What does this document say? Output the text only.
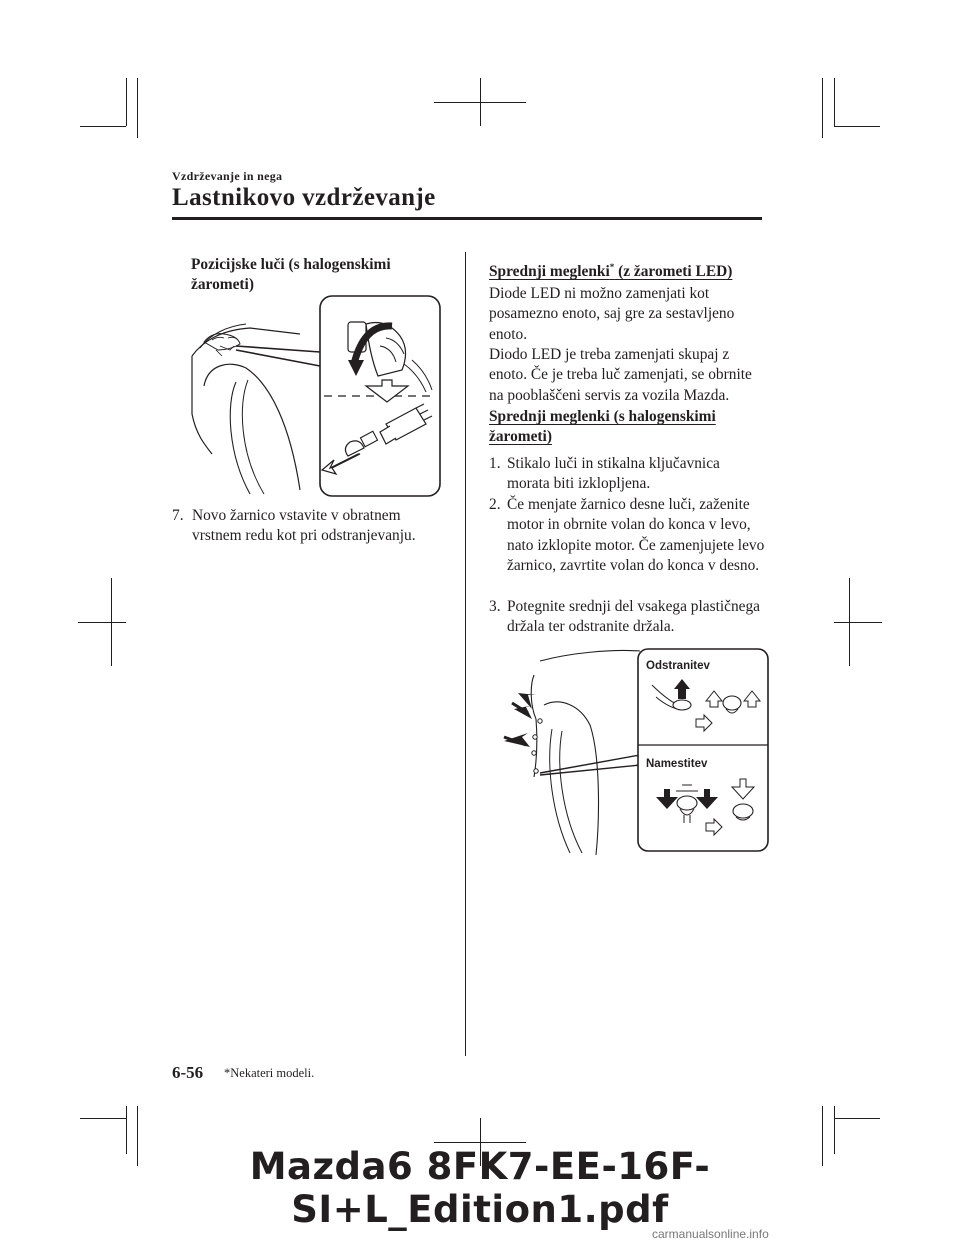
Vzdrževanje in nega
Lastnikovo vzdrževanje
Pozicijske luči (s halogenskimi žarometi)
7. Novo žarnico vstavite v obratnem vrstnem redu kot pri odstranjevanju.
Sprednji meglenki* (z žarometi LED)
Diode LED ni možno zamenjati kot posamezno enoto, saj gre za sestavljeno enoto.
Diodo LED je treba zamenjati skupaj z enoto. Če je treba luč zamenjati, se obrnite na pooblaščeni servis za vozila Mazda.
Sprednji meglenki (s halogenskimi žarometi)
1. Stikalo luči in stikalna ključavnica morata biti izklopljena.
2. Če menjate žarnico desne luči, zaženite motor in obrnite volan do konca v levo, nato izklopite motor. Če zamenjujete levo žarnico, zavrtite volan do konca v desno.
3. Potegnite srednji del vsakega plastičnega držala ter odstranite držala.
Odstranitev
Namestitev
6-56 *Nekateri modeli.
Mazda6 8FK7-EE-16F-SI+L_Edition1.pdf
carmanualsonline.info
